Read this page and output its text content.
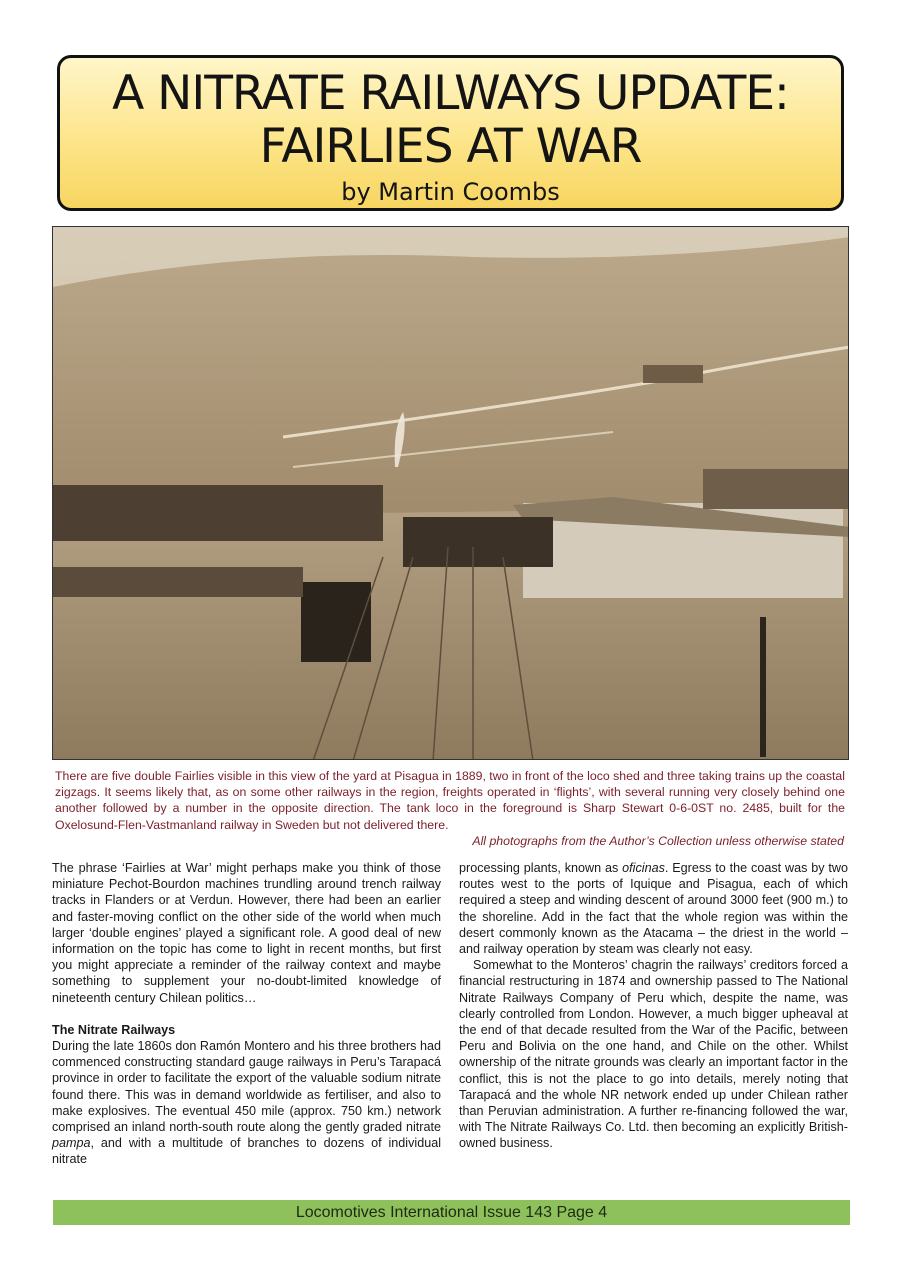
A NITRATE RAILWAYS UPDATE:
FAIRLIES AT WAR
by Martin Coombs
There are five double Fairlies visible in this view of the yard at Pisagua in 1889, two in front of the loco shed and three taking trains up the coastal zigzags. It seems likely that, as on some other railways in the region, freights operated in ‘flights’, with several running very closely behind one another followed by a number in the opposite direction. The tank loco in the foreground is Sharp Stewart 0-6-0ST no. 2485, built for the Oxelosund-Flen-Vastmanland railway in Sweden but not delivered there.
All photographs from the Author’s Collection unless otherwise stated

The phrase ‘Fairlies at War’ might perhaps make you think of those miniature Pechot-Bourdon machines trundling around trench railway tracks in Flanders or at Verdun. However, there had been an earlier and faster-moving conflict on the other side of the world when much larger ‘double engines’ played a significant role. A good deal of new information on the topic has come to light in recent months, but first you might appreciate a reminder of the railway context and maybe something to supplement your no-doubt-limited knowledge of nineteenth century Chilean politics…

The Nitrate Railways

During the late 1860s don Ramón Montero and his three brothers had commenced constructing standard gauge railways in Peru’s Tarapacá province in order to facilitate the export of the valuable sodium nitrate found there. This was in demand worldwide as fertiliser, and also to make explosives. The eventual 450 mile (approx. 750 km.) network comprised an inland north-south route along the gently graded nitrate pampa, and with a multitude of branches to dozens of individual nitrate

processing plants, known as oficinas. Egress to the coast was by two routes west to the ports of Iquique and Pisagua, each of which required a steep and winding descent of around 3000 feet (900 m.) to the shoreline. Add in the fact that the whole region was within the desert commonly known as the Atacama – the driest in the world – and railway operation by steam was clearly not easy.

Somewhat to the Monteros’ chagrin the railways’ creditors forced a financial restructuring in 1874 and ownership passed to The National Nitrate Railways Company of Peru which, despite the name, was clearly controlled from London. However, a much bigger upheaval at the end of that decade resulted from the War of the Pacific, between Peru and Bolivia on the one hand, and Chile on the other. Whilst ownership of the nitrate grounds was clearly an important factor in the conflict, this is not the place to go into details, merely noting that Tarapacá and the whole NR network ended up under Chilean rather than Peruvian administration. A further re-financing followed the war, with The Nitrate Railways Co. Ltd. then becoming an explicitly British-owned business.

Locomotives International Issue 143 Page 4
